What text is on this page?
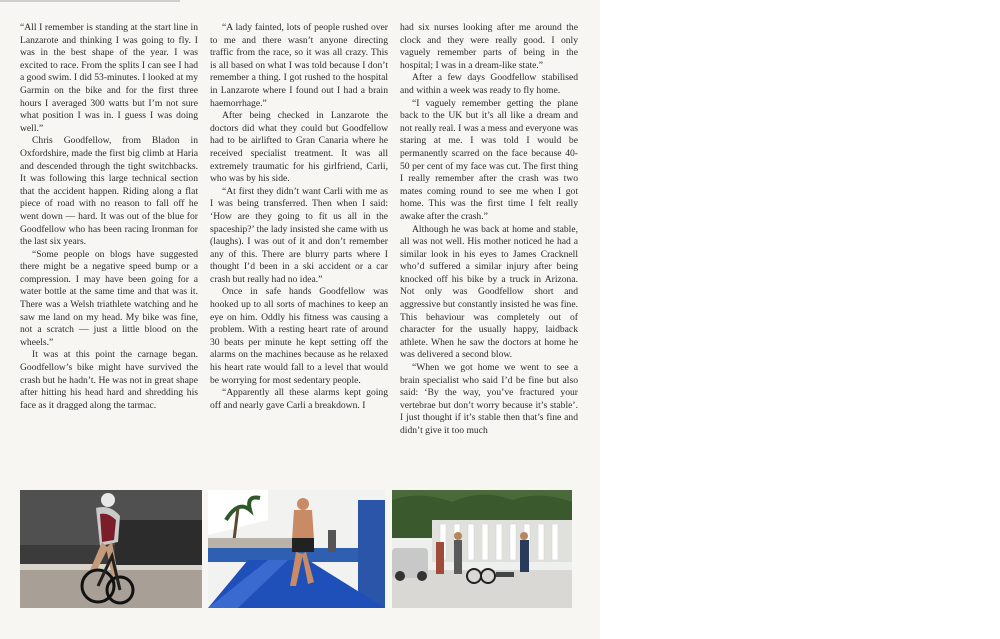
“All I remember is standing at the start line in Lanzarote and thinking I was going to fly. I was in the best shape of the year. I was excited to race. From the splits I can see I had a good swim. I did 53-minutes. I looked at my Garmin on the bike and for the first three hours I averaged 300 watts but I’m not sure what position I was in. I guess I was doing well.”

Chris Goodfellow, from Bladon in Oxfordshire, made the first big climb at Haria and descended through the tight switchbacks. It was following this large technical section that the accident happen. Riding along a flat piece of road with no reason to fall off he went down — hard. It was out of the blue for Goodfellow who has been racing Ironman for the last six years.

“Some people on blogs have suggested there might be a negative speed bump or a compression. I may have been going for a water bottle at the same time and that was it. There was a Welsh triathlete watching and he saw me land on my head. My bike was fine, not a scratch — just a little blood on the wheels.”

It was at this point the carnage began. Goodfellow’s bike might have survived the crash but he hadn’t. He was not in great shape after hitting his head hard and shredding his face as it dragged along the tarmac.

“A lady fainted, lots of people rushed over to me and there wasn’t anyone directing traffic from the race, so it was all crazy. This is all based on what I was told because I don’t remember a thing. I got rushed to the hospital in Lanzarote where I found out I had a brain haemorrhage.”

After being checked in Lanzarote the doctors did what they could but Goodfellow had to be airlifted to Gran Canaria where he received specialist treatment. It was all extremely traumatic for his girlfriend, Carli, who was by his side.

“At first they didn’t want Carli with me as I was being transferred. Then when I said: ‘How are they going to fit us all in the spaceship?’ the lady insisted she came with us (laughs). I was out of it and don’t remember any of this. There are blurry parts where I thought I’d been in a ski accident or a car crash but really had no idea.”

Once in safe hands Goodfellow was hooked up to all sorts of machines to keep an eye on him. Oddly his fitness was causing a problem. With a resting heart rate of around 30 beats per minute he kept setting off the alarms on the machines because as he relaxed his heart rate would fall to a level that would be worrying for most sedentary people.

“Apparently all these alarms kept going off and nearly gave Carli a breakdown. I

had six nurses looking after me around the clock and they were really good. I only vaguely remember parts of being in the hospital; I was in a dream-like state.”

After a few days Goodfellow stabilised and within a week was ready to fly home.

“I vaguely remember getting the plane back to the UK but it’s all like a dream and not really real. I was a mess and everyone was staring at me. I was told I would be permanently scarred on the face because 40-50 per cent of my face was cut. The first thing I really remember after the crash was two mates coming round to see me when I got home. This was the first time I felt really awake after the crash.”

Although he was back at home and stable, all was not well. His mother noticed he had a similar look in his eyes to James Cracknell who’d suffered a similar injury after being knocked off his bike by a truck in Arizona. Not only was Goodfellow short and aggressive but constantly insisted he was fine. This behaviour was completely out of character for the usually happy, laidback athlete. When he saw the doctors at home he was delivered a second blow.

“When we got home we went to see a brain specialist who said I’d be fine but also said: ‘By the way, you’ve fractured your vertebrae but don’t worry because it’s stable’. I just thought if it’s stable then that’s fine and didn’t give it too much
